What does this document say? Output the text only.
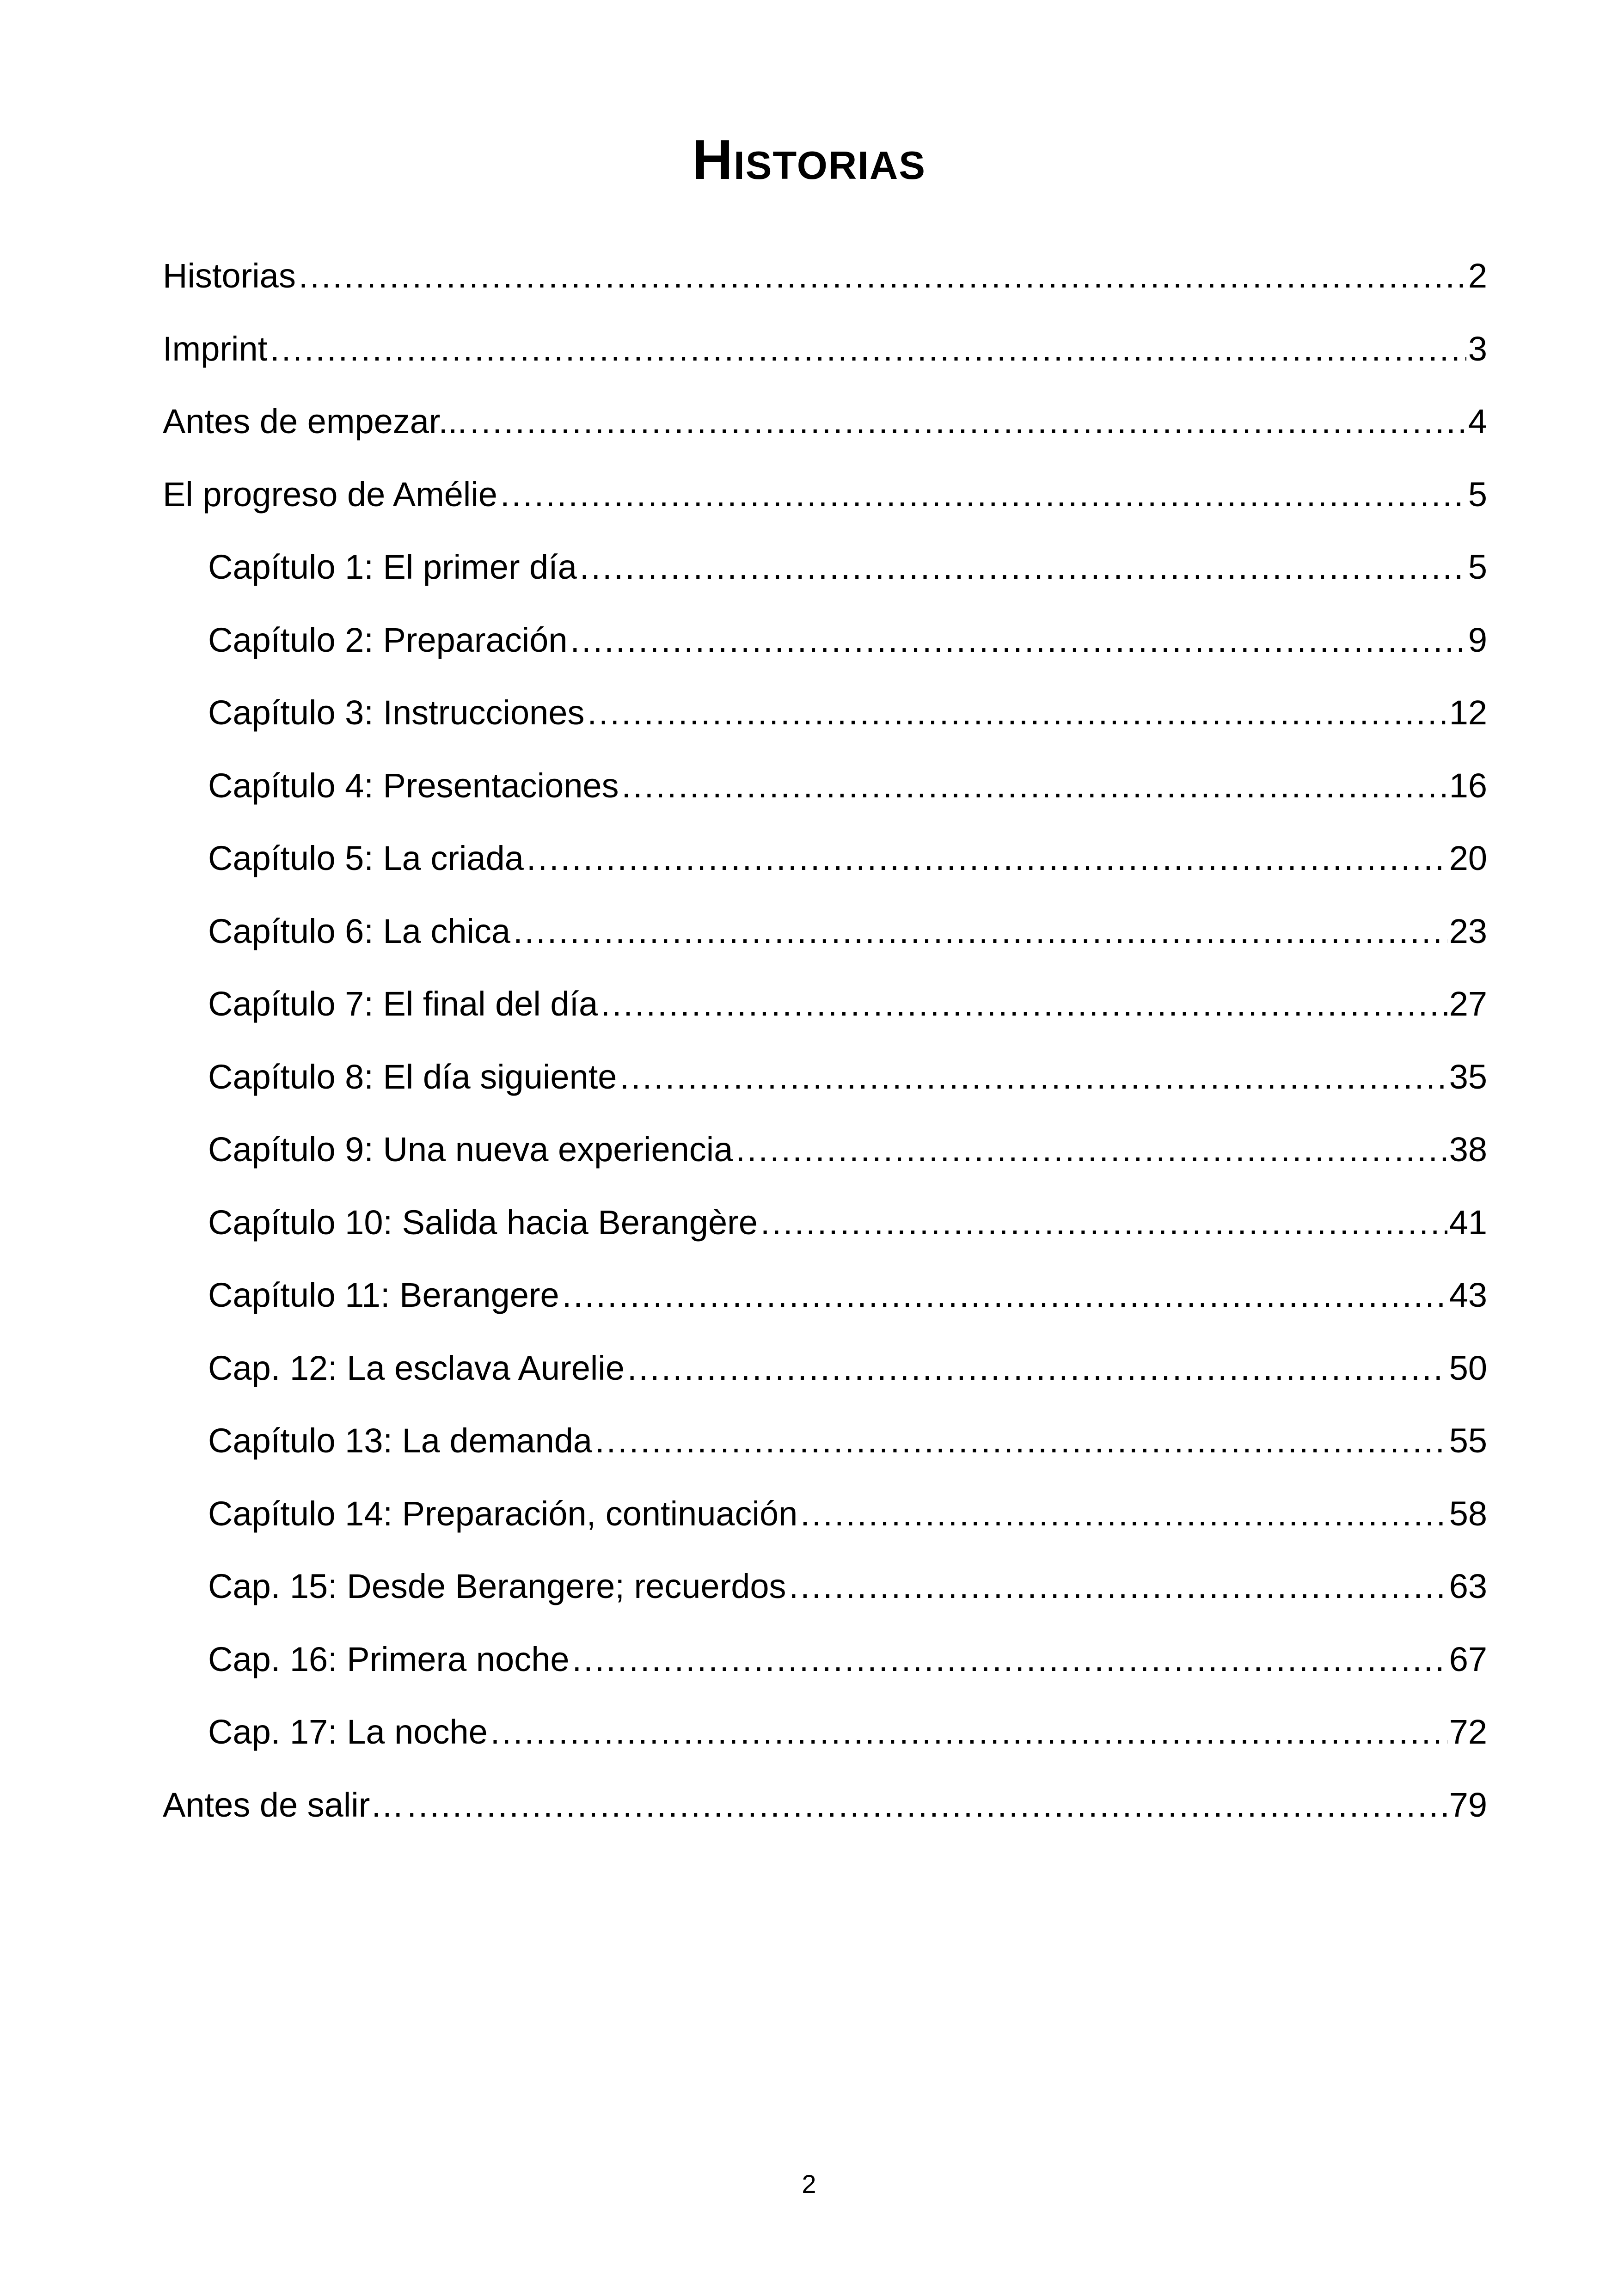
Historias
Historias .....	2
Imprint .....	3
Antes de empezar... .....	4
El progreso de Amélie .....	5
Capítulo 1: El primer día .....	5
Capítulo 2: Preparación .....	9
Capítulo 3: Instrucciones .....	12
Capítulo 4: Presentaciones .....	16
Capítulo 5: La criada .....	20
Capítulo 6: La chica .....	23
Capítulo 7: El final del día .....	27
Capítulo 8: El día siguiente .....	35
Capítulo 9: Una nueva experiencia .....	38
Capítulo 10: Salida hacia Berangère .....	41
Capítulo 11: Berangere .....	43
Cap. 12: La esclava Aurelie .....	50
Capítulo 13: La demanda .....	55
Capítulo 14: Preparación, continuación .....	58
Cap. 15: Desde Berangere; recuerdos .....	63
Cap. 16: Primera noche .....	67
Cap. 17: La noche .....	72
Antes de salir… .....	79
2
